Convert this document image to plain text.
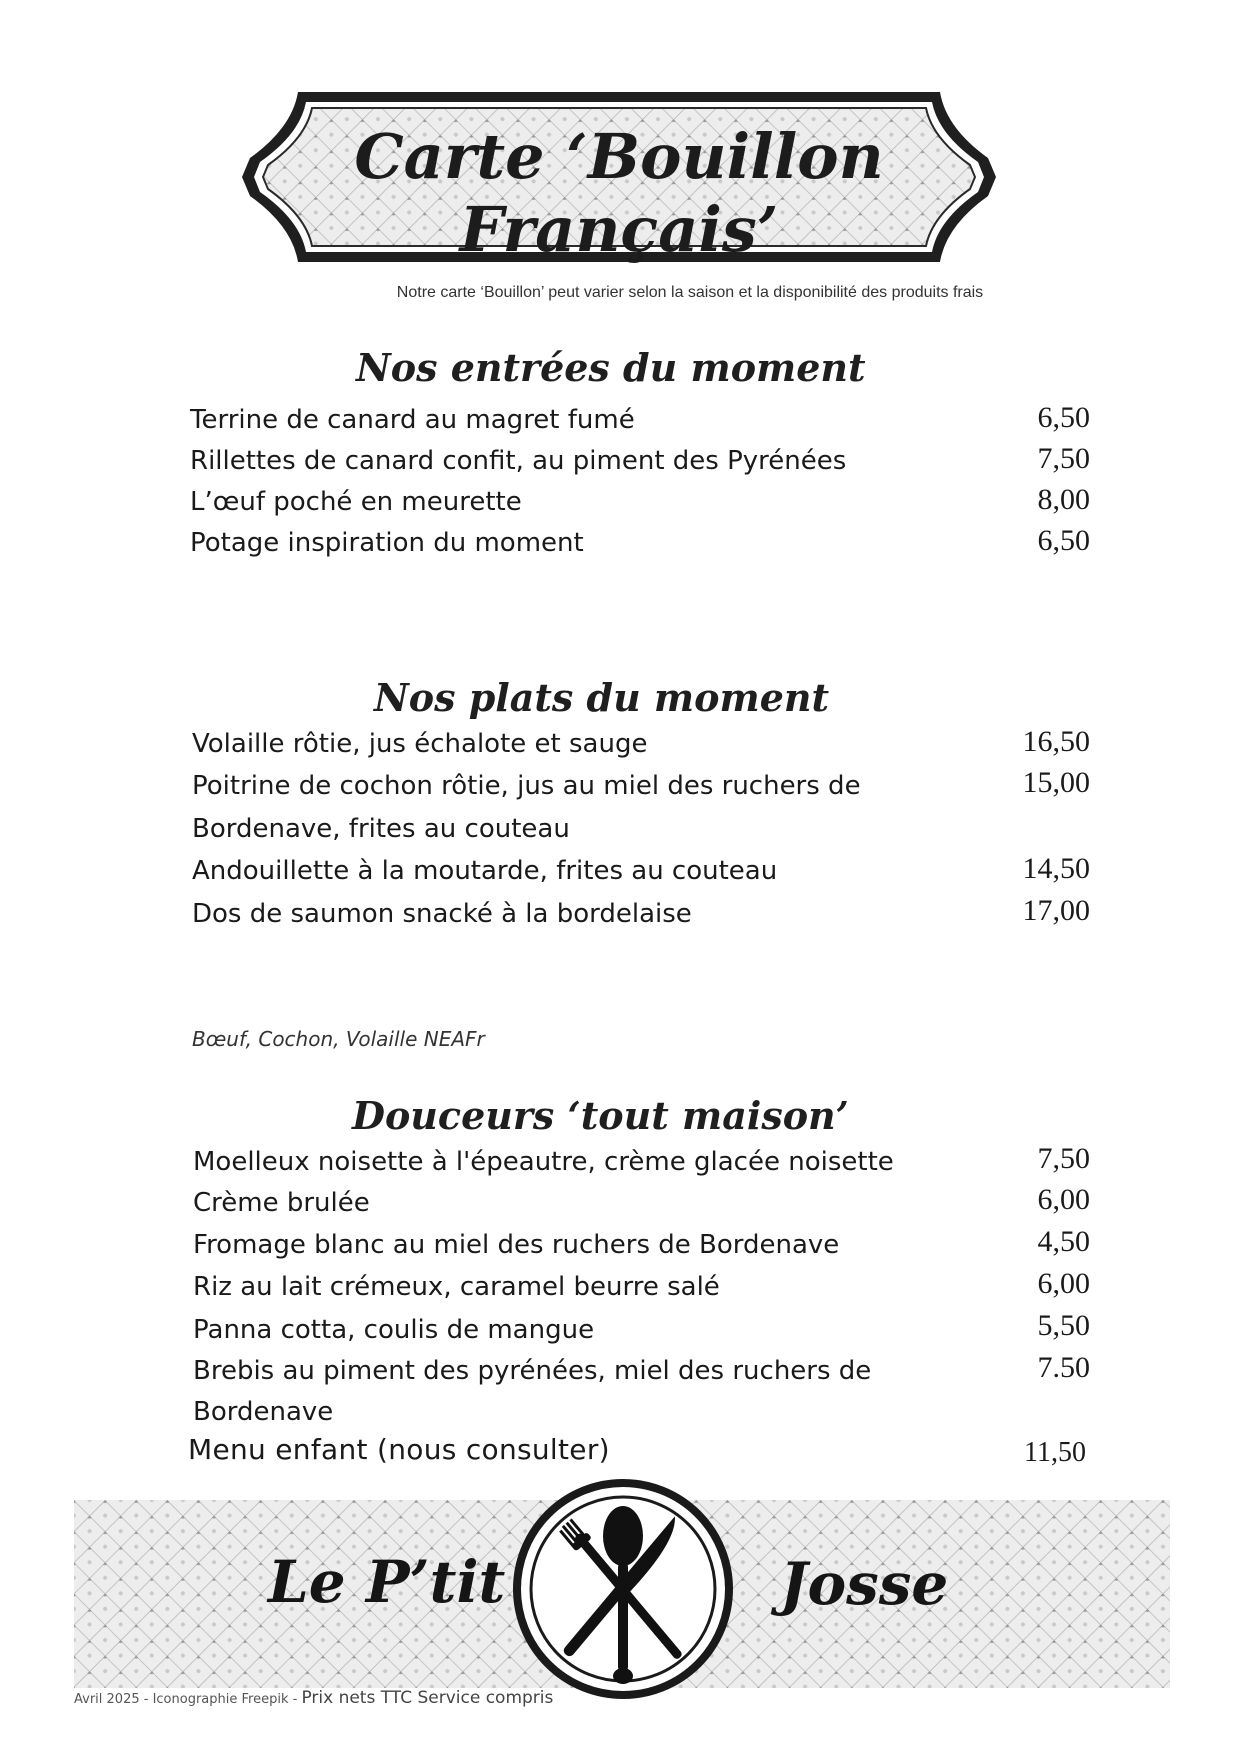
Carte ‘Bouillon Français’
Notre carte ‘Bouillon’ peut varier selon la saison et la disponibilité des produits frais
Nos entrées du moment
Terrine de canard au magret fumé	6,50
Rillettes de canard confit, au piment des Pyrénées	7,50
L’œuf poché en meurette	8,00
Potage inspiration du moment	6,50
Nos plats du moment
Volaille rôtie, jus échalote et sauge	16,50
Poitrine de cochon rôtie, jus au miel des ruchers de
Bordenave, frites au couteau
15,00
Andouillette à la moutarde, frites au couteau	14,50
Dos de saumon snacké à la bordelaise	17,00
Bœuf, Cochon, Volaille NEAFr
Douceurs ‘tout maison’
Moelleux noisette à l'épeautre, crème glacée noisette	7,50
Crème brulée	6,00
Fromage blanc au miel des ruchers de Bordenave	4,50
Riz au lait crémeux, caramel beurre salé	6,00
Panna cotta, coulis de mangue	5,50
Brebis au piment des pyrénées, miel des ruchers de
Bordenave
7.50
Menu enfant (nous consulter)	11,50
Le P’tit	Josse
Avril 2025 - Iconographie Freepik - Prix nets TTC Service compris
